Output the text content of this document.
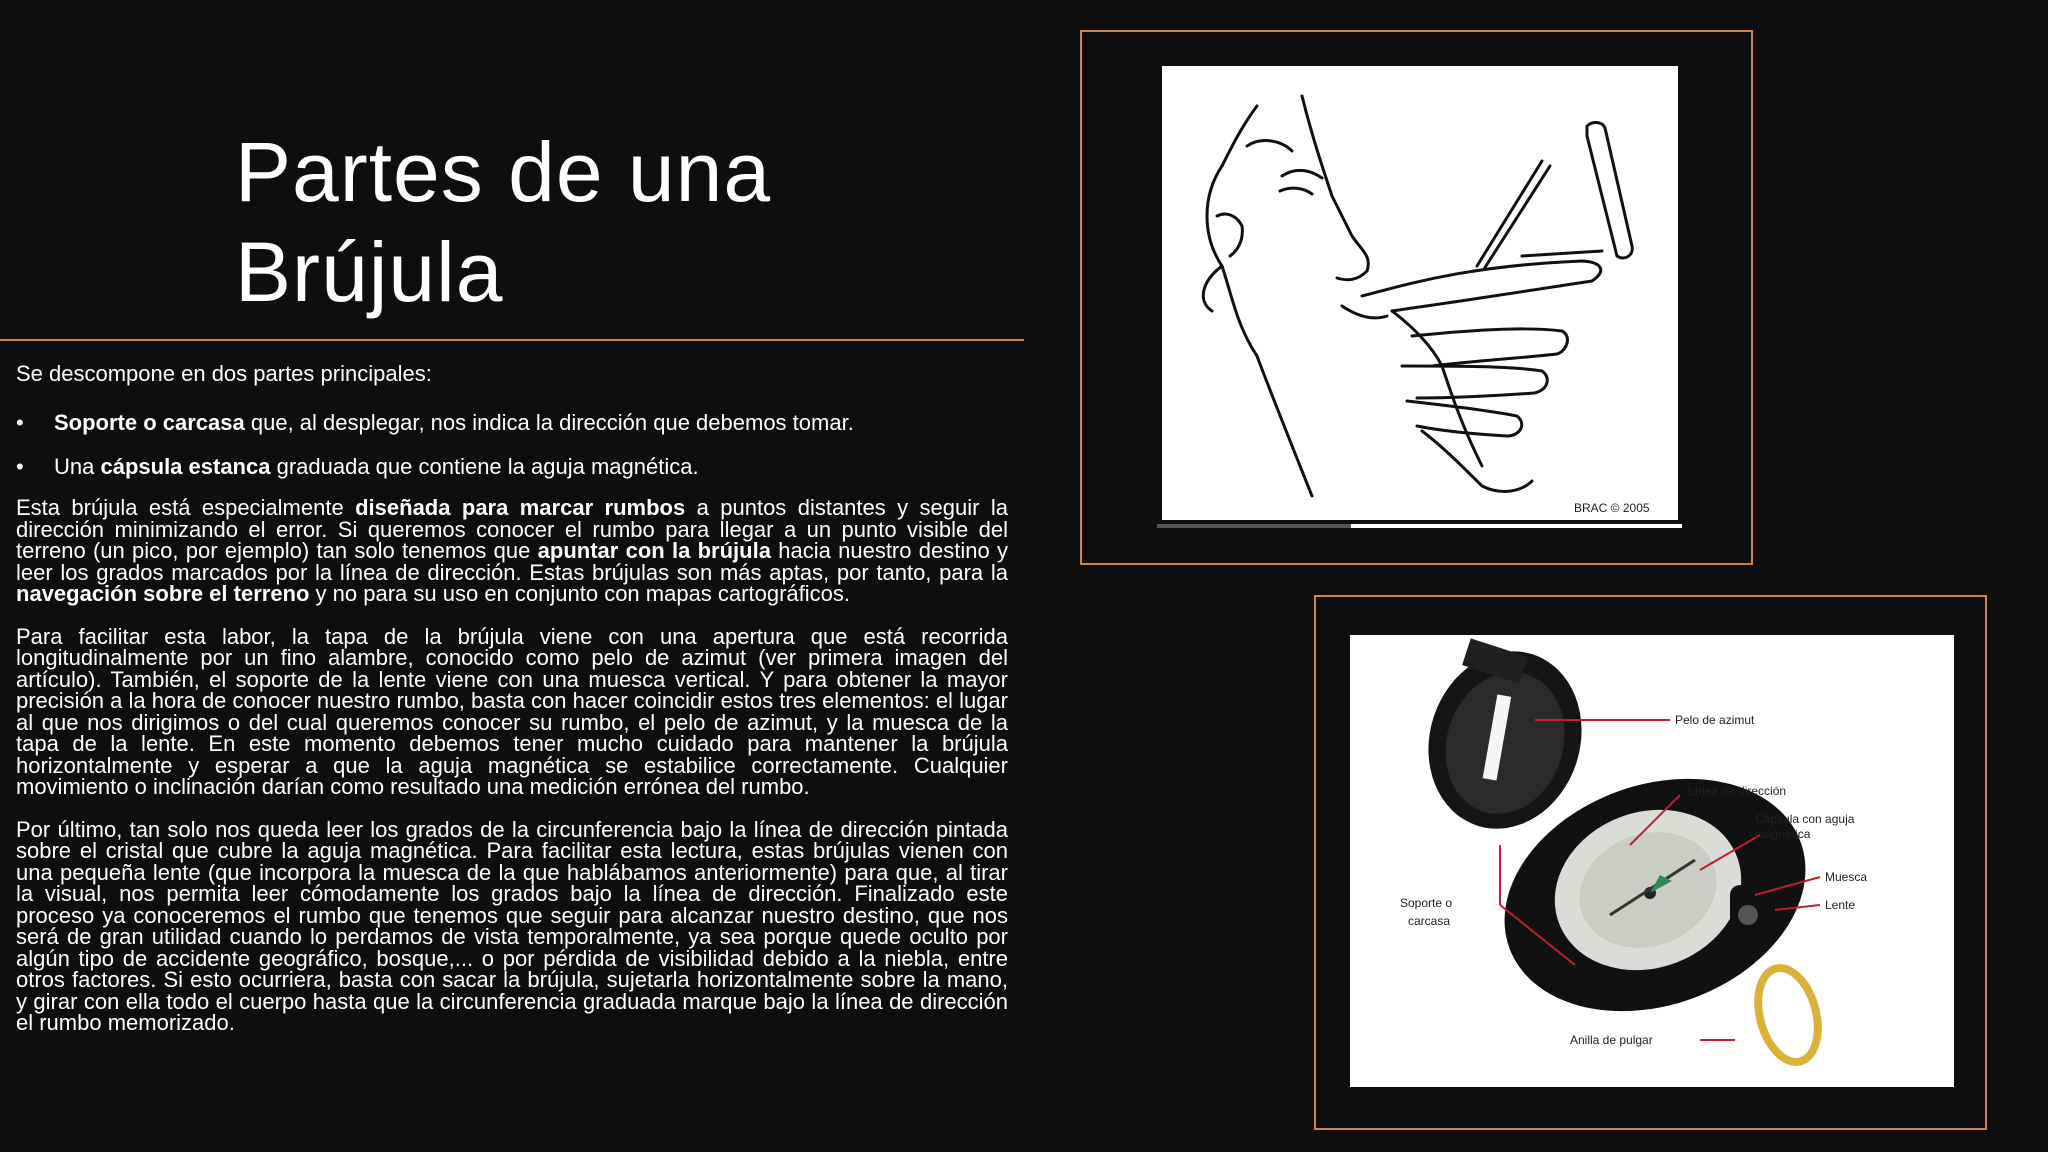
Partes de una
Brújula

Se descompone en dos partes principales:

• Soporte o carcasa que, al desplegar, nos indica la dirección que debemos tomar.
• Una cápsula estanca graduada que contiene la aguja magnética.

Esta brújula está especialmente diseñada para marcar rumbos a puntos distantes y seguir la dirección minimizando el error. Si queremos conocer el rumbo para llegar a un punto visible del terreno (un pico, por ejemplo) tan solo tenemos que apuntar con la brújula hacia nuestro destino y leer los grados marcados por la línea de dirección. Estas brújulas son más aptas, por tanto, para la navegación sobre el terreno y no para su uso en conjunto con mapas cartográficos.

Para facilitar esta labor, la tapa de la brújula viene con una apertura que está recorrida longitudinalmente por un fino alambre, conocido como pelo de azimut (ver primera imagen del artículo). También, el soporte de la lente viene con una muesca vertical. Y para obtener la mayor precisión a la hora de conocer nuestro rumbo, basta con hacer coincidir estos tres elementos: el lugar al que nos dirigimos o del cual queremos conocer su rumbo, el pelo de azimut, y la muesca de la tapa de la lente. En este momento debemos tener mucho cuidado para mantener la brújula horizontalmente y esperar a que la aguja magnética se estabilice correctamente. Cualquier movimiento o inclinación darían como resultado una medición errónea del rumbo.

Por último, tan solo nos queda leer los grados de la circunferencia bajo la línea de dirección pintada sobre el cristal que cubre la aguja magnética. Para facilitar esta lectura, estas brújulas vienen con una pequeña lente (que incorpora la muesca de la que hablábamos anteriormente) para que, al tirar la visual, nos permita leer cómodamente los grados bajo la línea de dirección. Finalizado este proceso ya conoceremos el rumbo que tenemos que seguir para alcanzar nuestro destino, que nos será de gran utilidad cuando lo perdamos de vista temporalmente, ya sea porque quede oculto por algún tipo de accidente geográfico, bosque,... o por pérdida de visibilidad debido a la niebla, entre otros factores. Si esto ocurriera, basta con sacar la brújula, sujetarla horizontalmente sobre la mano, y girar con ella todo el cuerpo hasta que la circunferencia graduada marque bajo la línea de dirección el rumbo memorizado.

BRAC © 2005
Pelo de azimut
Línea de dirección
Cápsula con aguja
magnética
Muesca
Lente
Soporte o
carcasa
Anilla de pulgar
